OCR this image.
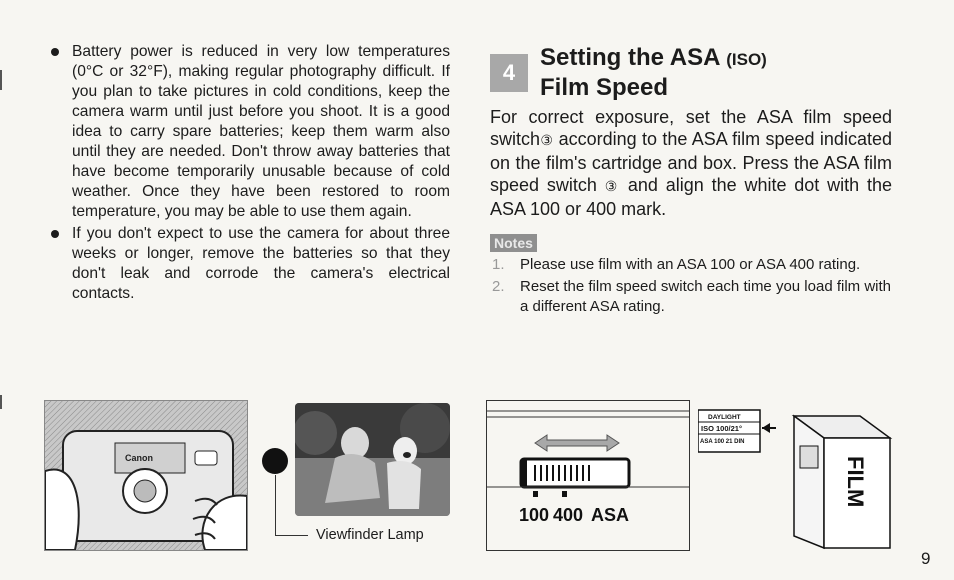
Battery power is reduced in very low temperatures (0°C or 32°F), making regular photography difficult. If you plan to take pictures in cold conditions, keep the camera warm until just before you shoot. It is a good idea to carry spare batteries; keep them warm also until they are needed. Don't throw away batteries that have become temporarily unusable because of cold weather. Once they have been restored to room temperature, you may be able to use them again.
If you don't expect to use the camera for about three weeks or longer, remove the batteries so that they don't leak and corrode the camera's electrical contacts.
4
Setting the ASA (ISO)
Film Speed
For correct exposure, set the ASA film speed switch③ according to the ASA film speed indicated on the film's cartridge and box. Press the ASA film speed switch ③ and align the white dot with the ASA 100 or 400 mark.
Notes
1. Please use film with an ASA 100 or ASA 400 rating.
2. Reset the film speed switch each time you load film with a different ASA rating.
Canon
Viewfinder Lamp
100 400 ASA
DAYLIGHT
ISO 100/21°
ASA 100 21 DIN
FILM
9
